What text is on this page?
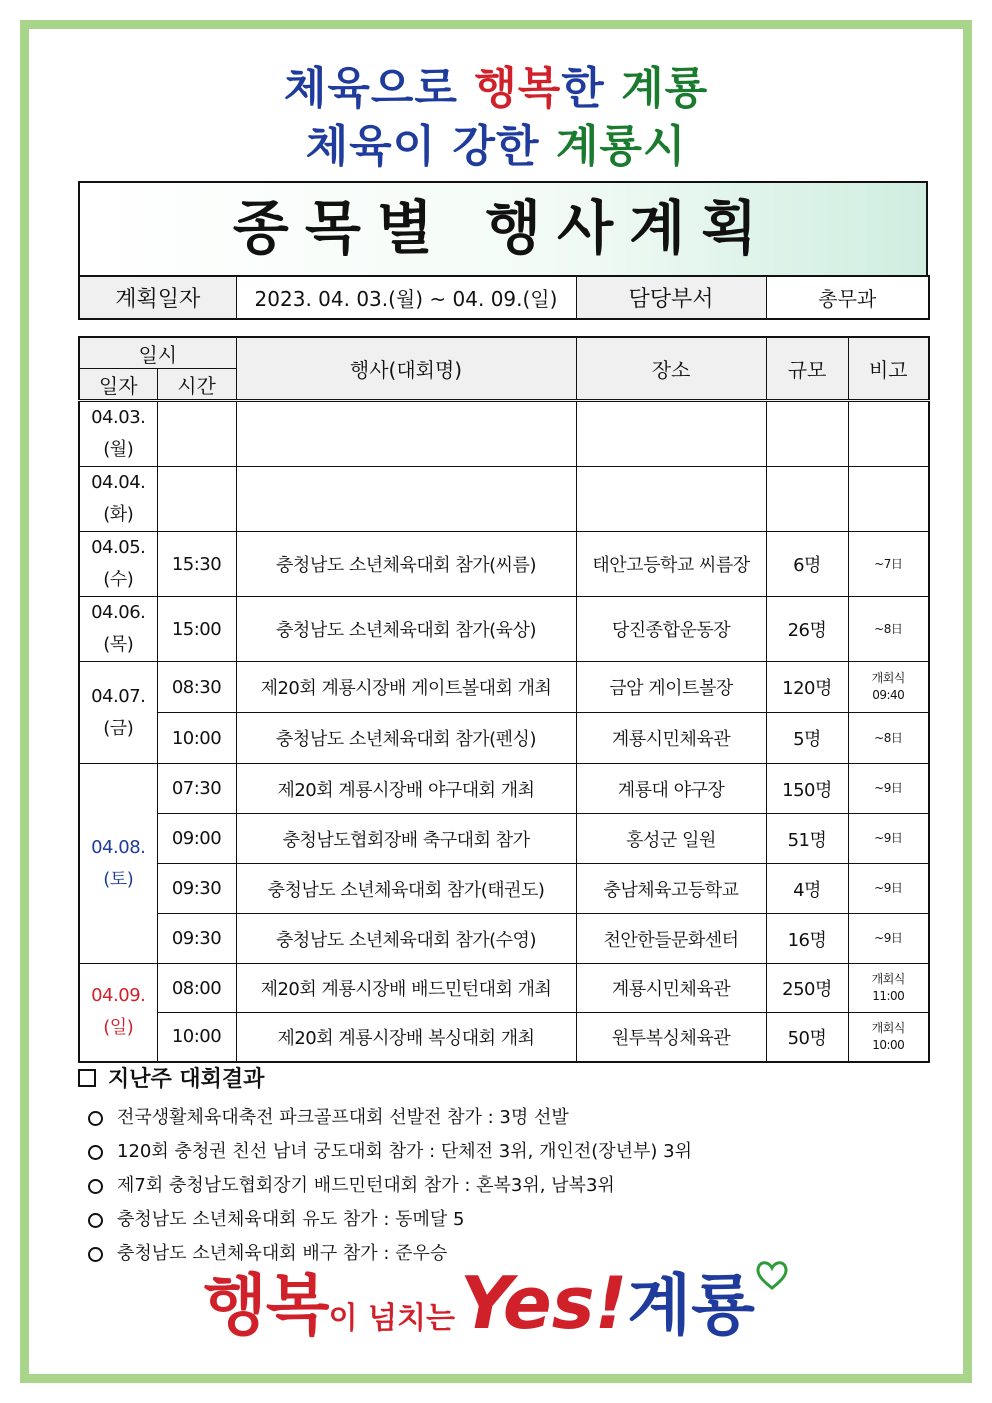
체육으로 행복한 계룡
체육이 강한 계룡시
종목별 행사계획
계획일자	2023. 04. 03.(월) ~ 04. 09.(일)	담당부서	총무과
일시		행사(대회명)	장소	규모	비고
일자	시간				

04.03.
(월)					

04.04.
(화)					

04.05.
(수)	15:30	충청남도 소년체육대회 참가(씨름)	태안고등학교 씨름장	6명	~7日

04.06.
(목)	15:00	충청남도 소년체육대회 참가(육상)	당진종합운동장	26명	~8日

04.07.
(금)	08:30	제20회 계룡시장배 게이트볼대회 개최	금암 게이트볼장	120명	개회식 09:40
	10:00	충청남도 소년체육대회 참가(펜싱)	계룡시민체육관	5명	~8日

04.08.
(토)	07:30	제20회 계룡시장배 야구대회 개최	계룡대 야구장	150명	~9日
	09:00	충청남도협회장배 축구대회 참가	홍성군 일원	51명	~9日
	09:30	충청남도 소년체육대회 참가(태권도)	충남체육고등학교	4명	~9日
	09:30	충청남도 소년체육대회 참가(수영)	천안한들문화센터	16명	~9日

04.09.
(일)	08:00	제20회 계룡시장배 배드민턴대회 개최	계룡시민체육관	250명	개회식 11:00
	10:00	제20회 계룡시장배 복싱대회 개최	원투복싱체육관	50명	개회식 10:00
지난주 대회결과
전국생활체육대축전 파크골프대회 선발전 참가 : 3명 선발
120회 충청권 친선 남녀 궁도대회 참가 : 단체전 3위, 개인전(장년부) 3위
제7회 충청남도협회장기 배드민턴대회 참가 : 혼복3위, 남복3위
충청남도 소년체육대회 유도 참가 : 동메달 5
충청남도 소년체육대회 배구 참가 : 준우승
행복이 넘치는 Yes!계룡
